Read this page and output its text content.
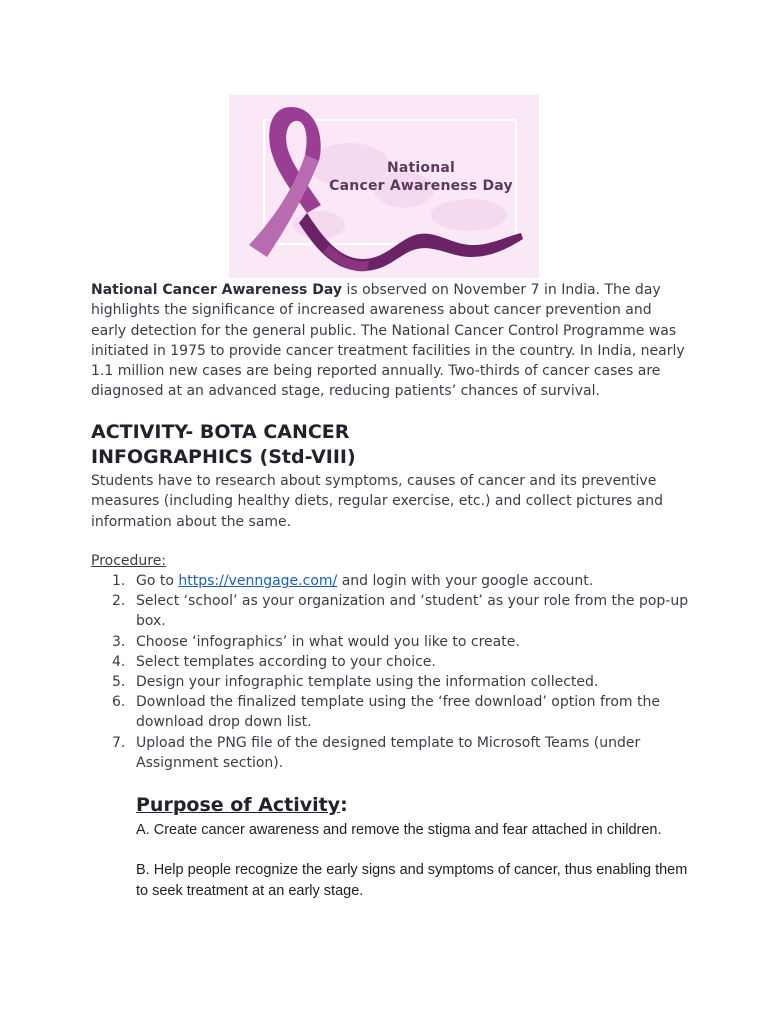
National
Cancer Awareness Day

National Cancer Awareness Day is observed on November 7 in India. The day highlights the significance of increased awareness about cancer prevention and early detection for the general public. The National Cancer Control Programme was initiated in 1975 to provide cancer treatment facilities in the country. In India, nearly 1.1 million new cases are being reported annually. Two-thirds of cancer cases are diagnosed at an advanced stage, reducing patients’ chances of survival.

ACTIVITY- BOTA CANCER
INFOGRAPHICS (Std-VIII)

Students have to research about symptoms, causes of cancer and its preventive measures (including healthy diets, regular exercise, etc.) and collect pictures and information about the same.

Procedure:
1. Go to https://venngage.com/ and login with your google account.
2. Select ‘school’ as your organization and ‘student’ as your role from the pop-up box.
3. Choose ‘infographics’ in what would you like to create.
4. Select templates according to your choice.
5. Design your infographic template using the information collected.
6. Download the finalized template using the ‘free download’ option from the download drop down list.
7. Upload the PNG file of the designed template to Microsoft Teams (under Assignment section).
Purpose of Activity:

A. Create cancer awareness and remove the stigma and fear attached in children.

B. Help people recognize the early signs and symptoms of cancer, thus enabling them to seek treatment at an early stage.
